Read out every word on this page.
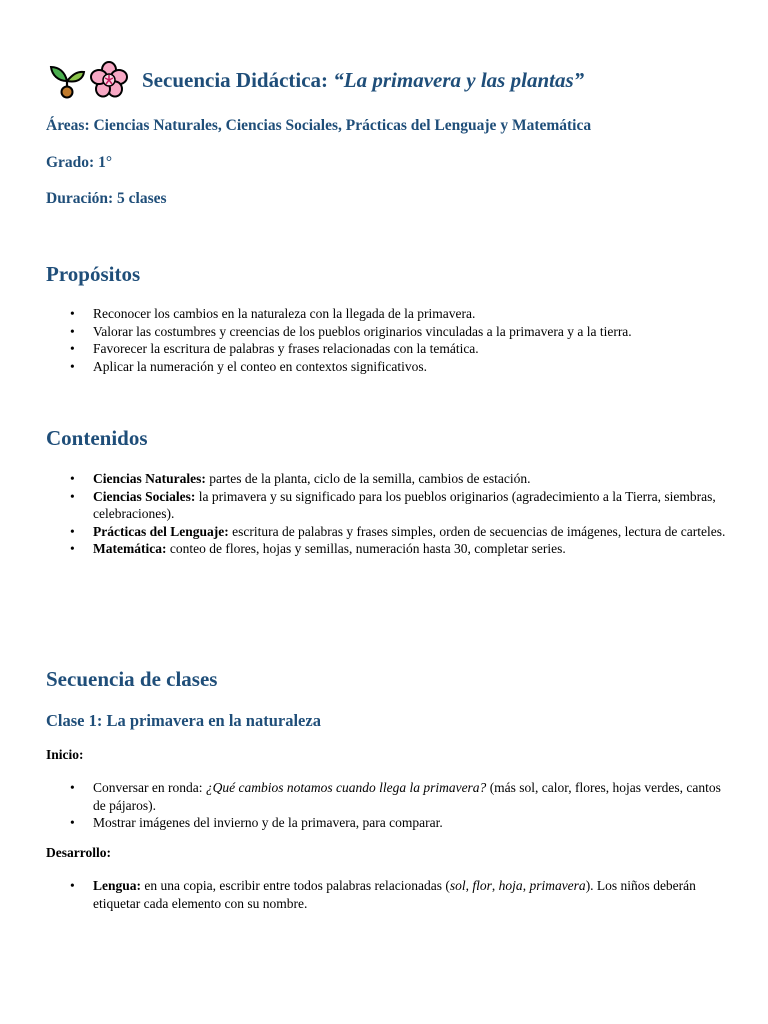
Secuencia Didáctica: “La primavera y las plantas”
Áreas: Ciencias Naturales, Ciencias Sociales, Prácticas del Lenguaje y Matemática
Grado: 1°
Duración: 5 clases
Propósitos
• Reconocer los cambios en la naturaleza con la llegada de la primavera.
• Valorar las costumbres y creencias de los pueblos originarios vinculadas a la primavera y a la tierra.
• Favorecer la escritura de palabras y frases relacionadas con la temática.
• Aplicar la numeración y el conteo en contextos significativos.
Contenidos
• Ciencias Naturales: partes de la planta, ciclo de la semilla, cambios de estación.
• Ciencias Sociales: la primavera y su significado para los pueblos originarios (agradecimiento a la Tierra, siembras, celebraciones).
• Prácticas del Lenguaje: escritura de palabras y frases simples, orden de secuencias de imágenes, lectura de carteles.
• Matemática: conteo de flores, hojas y semillas, numeración hasta 30, completar series.
Secuencia de clases
Clase 1: La primavera en la naturaleza
Inicio:
• Conversar en ronda: ¿Qué cambios notamos cuando llega la primavera? (más sol, calor, flores, hojas verdes, cantos de pájaros).
• Mostrar imágenes del invierno y de la primavera, para comparar.
Desarrollo:
• Lengua: en una copia, escribir entre todos palabras relacionadas (sol, flor, hoja, primavera). Los niños deberán etiquetar cada elemento con su nombre.
